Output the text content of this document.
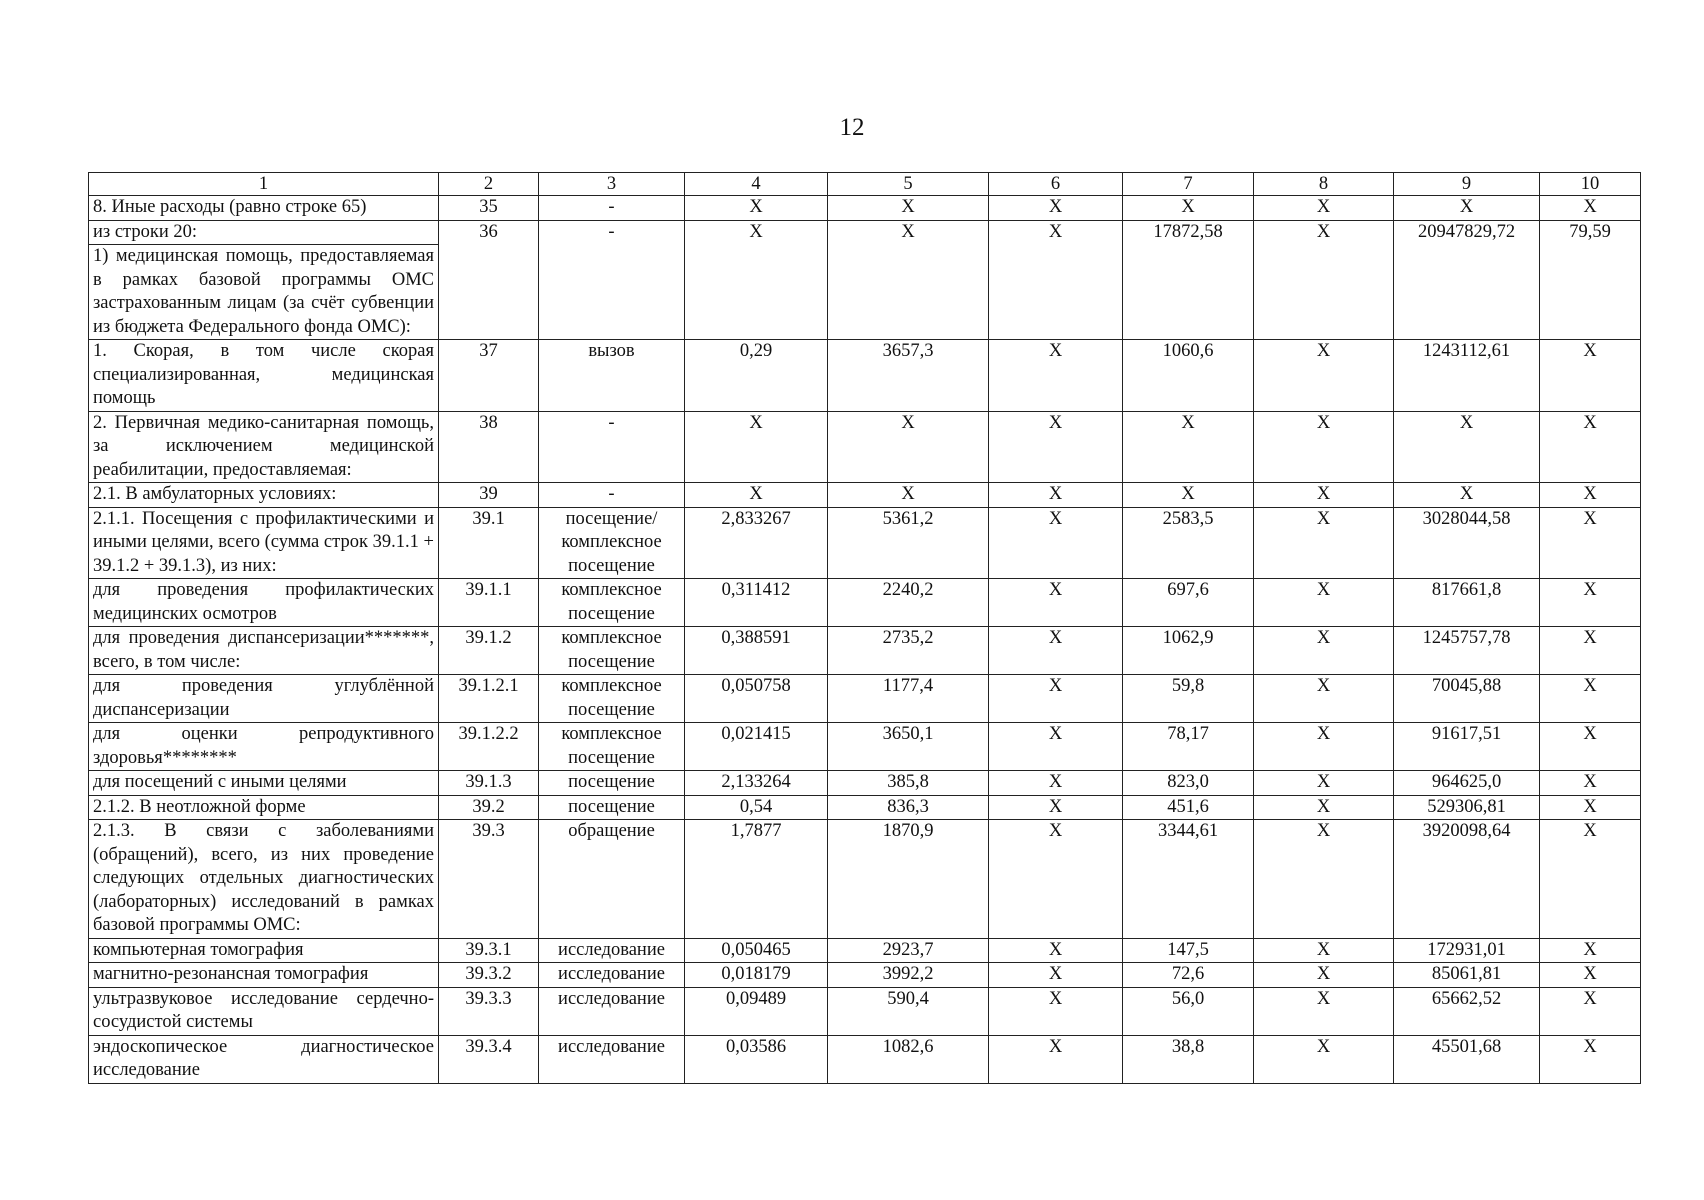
12
1	2	3	4	5	6	7	8	9	10
8. Иные расходы (равно строке 65)	35	-	X	X	X	X	X	X	X
из строки 20:	36	-	X	X	X	17872,58	X	20947829,72	79,59
1) медицинская помощь, предоставляемая в рамках базовой программы ОМС застрахованным лицам (за счёт субвенции из бюджета Федерального фонда ОМС):									
1. Скорая, в том числе скорая специализированная, медицинская помощь	37	вызов	0,29	3657,3	X	1060,6	X	1243112,61	X
2. Первичная медико-санитарная помощь, за исключением медицинской реабилитации, предоставляемая:	38	-	X	X	X	X	X	X	X
2.1. В амбулаторных условиях:	39	-	X	X	X	X	X	X	X
2.1.1. Посещения с профилактическими и иными целями, всего (сумма строк 39.1.1 + 39.1.2 + 39.1.3), из них:	39.1	посещение/ комплексное посещение	2,833267	5361,2	X	2583,5	X	3028044,58	X
для проведения профилактических медицинских осмотров	39.1.1	комплексное посещение	0,311412	2240,2	X	697,6	X	817661,8	X
для проведения диспансеризации*******, всего, в том числе:	39.1.2	комплексное посещение	0,388591	2735,2	X	1062,9	X	1245757,78	X
для проведения углублённой диспансеризации	39.1.2.1	комплексное посещение	0,050758	1177,4	X	59,8	X	70045,88	X
для оценки репродуктивного здоровья********	39.1.2.2	комплексное посещение	0,021415	3650,1	X	78,17	X	91617,51	X
для посещений с иными целями	39.1.3	посещение	2,133264	385,8	X	823,0	X	964625,0	X
2.1.2. В неотложной форме	39.2	посещение	0,54	836,3	X	451,6	X	529306,81	X
2.1.3. В связи с заболеваниями (обращений), всего, из них проведение следующих отдельных диагностических (лабораторных) исследований в рамках базовой программы ОМС:	39.3	обращение	1,7877	1870,9	X	3344,61	X	3920098,64	X
компьютерная томография	39.3.1	исследование	0,050465	2923,7	X	147,5	X	172931,01	X
магнитно-резонансная томография	39.3.2	исследование	0,018179	3992,2	X	72,6	X	85061,81	X
ультразвуковое исследование сердечно-сосудистой системы	39.3.3	исследование	0,09489	590,4	X	56,0	X	65662,52	X
эндоскопическое диагностическое исследование	39.3.4	исследование	0,03586	1082,6	X	38,8	X	45501,68	X
